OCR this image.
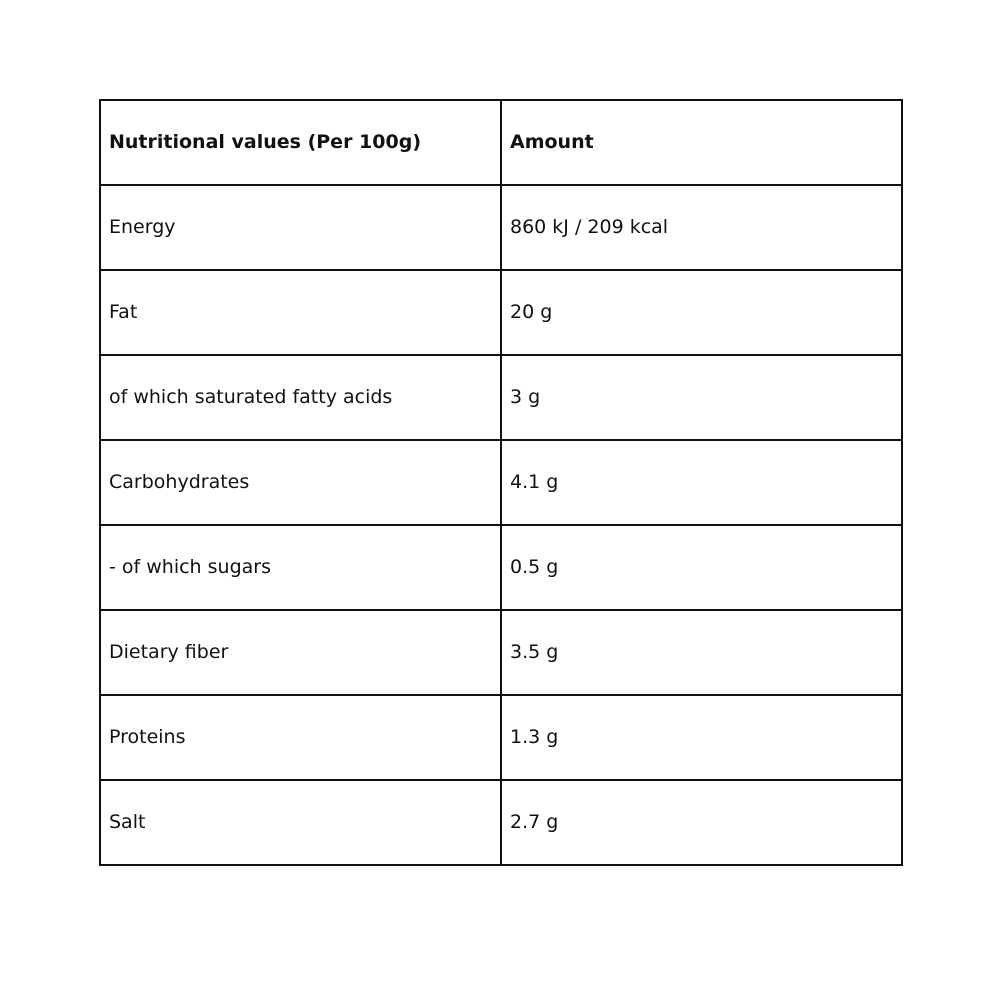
Nutritional values (Per 100g)	Amount
Energy	860 kJ / 209 kcal
Fat	20 g
of which saturated fatty acids	3 g
Carbohydrates	4.1 g
- of which sugars	0.5 g
Dietary fiber	3.5 g
Proteins	1.3 g
Salt	2.7 g
